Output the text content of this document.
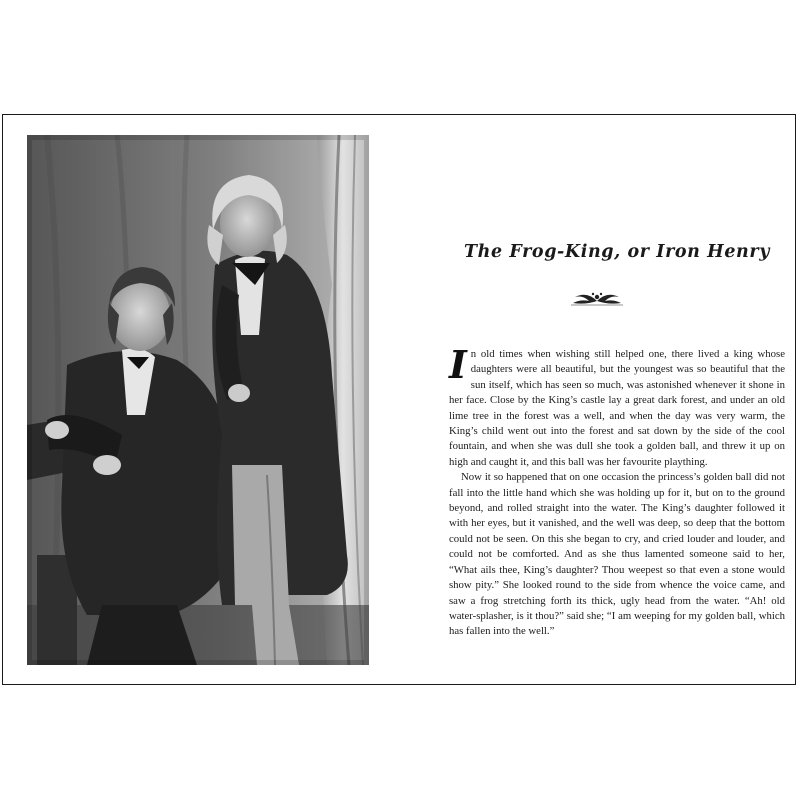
The Frog-King, or Iron Henry

In old times when wishing still helped one, there lived a king whose daughters were all beautiful, but the youngest was so beautiful that the sun itself, which has seen so much, was astonished whenever it shone in her face. Close by the King’s castle lay a great dark forest, and under an old lime tree in the forest was a well, and when the day was very warm, the King’s child went out into the forest and sat down by the side of the cool fountain, and when she was dull she took a golden ball, and threw it up on high and caught it, and this ball was her favourite plaything.

Now it so happened that on one occasion the princess’s golden ball did not fall into the little hand which she was holding up for it, but on to the ground beyond, and rolled straight into the water. The King’s daughter followed it with her eyes, but it vanished, and the well was deep, so deep that the bottom could not be seen. On this she began to cry, and cried louder and louder, and could not be comforted. And as she thus lamented someone said to her, “What ails thee, King’s daughter? Thou weepest so that even a stone would show pity.” She looked round to the side from whence the voice came, and saw a frog stretching forth its thick, ugly head from the water. “Ah! old water-splasher, is it thou?” said she; “I am weeping for my golden ball, which has fallen into the well.”
